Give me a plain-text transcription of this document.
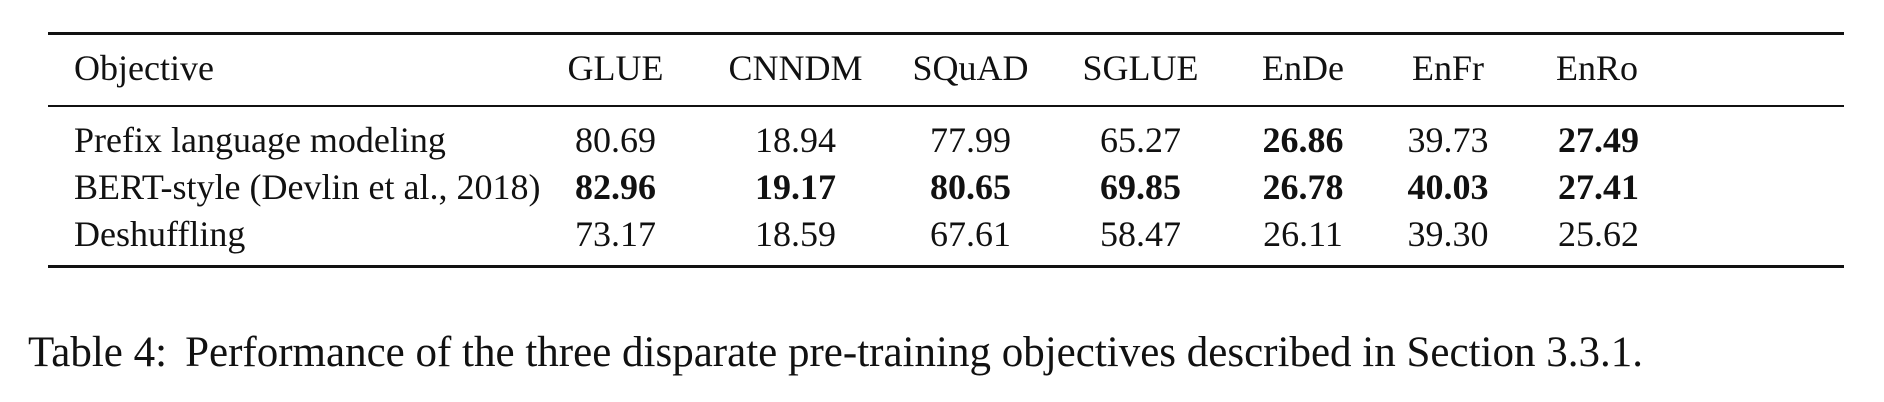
Objective	GLUE	CNNDM	SQuAD	SGLUE	EnDe	EnFr	EnRo

Prefix language modeling	80.69	18.94	77.99	65.27	26.86	39.73	27.49
BERT-style (Devlin et al., 2018)	82.96	19.17	80.65	69.85	26.78	40.03	27.41
Deshuffling	73.17	18.59	67.61	58.47	26.11	39.30	25.62

Table 4: Performance of the three disparate pre-training objectives described in Section 3.3.1.
